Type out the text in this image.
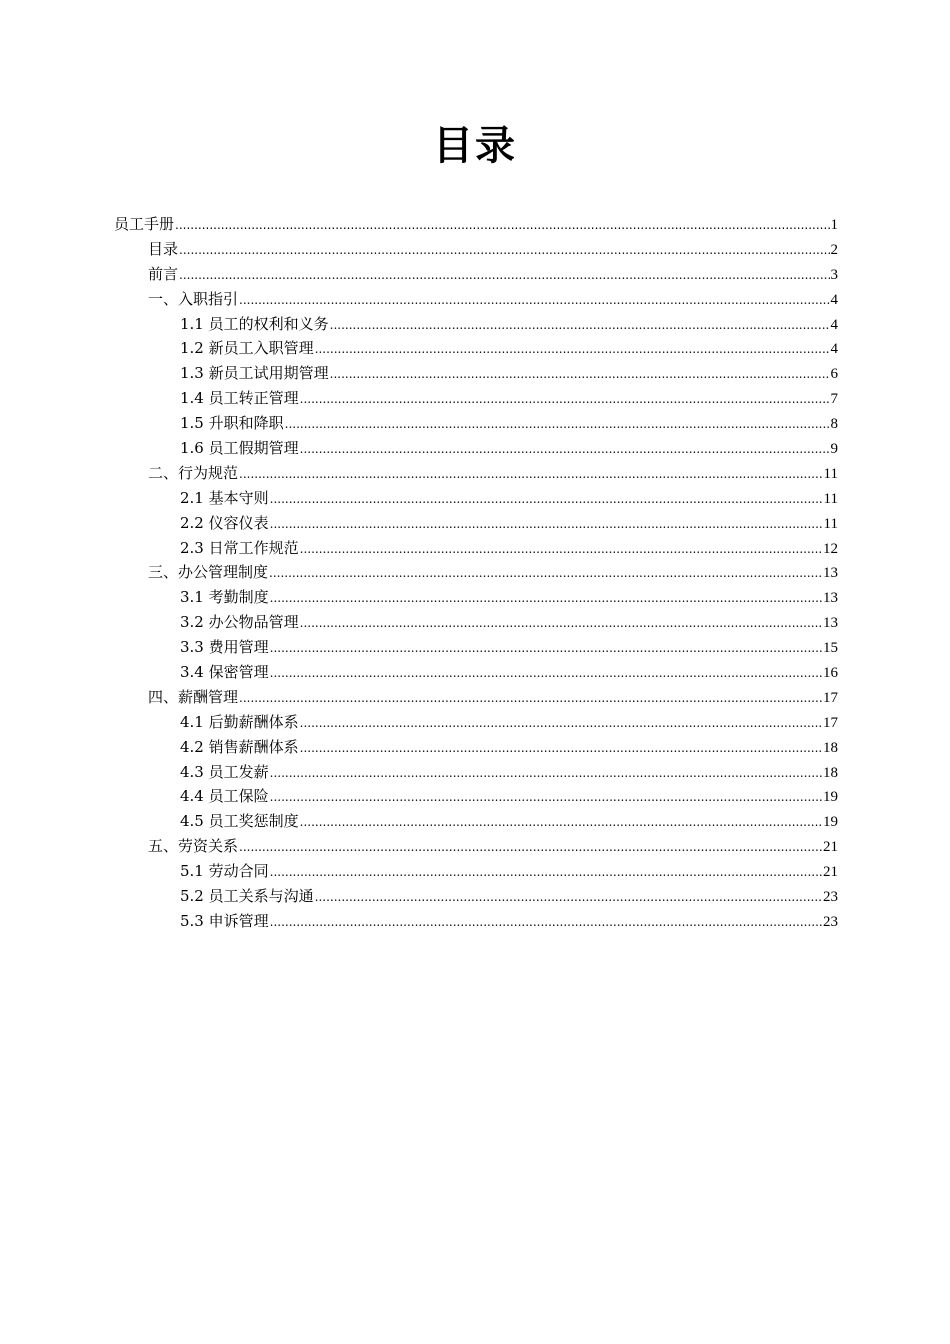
目录
员工手册 .....	1
目录 .....	2
前言 .....	3
一、入职指引 .....	4
1.1 员工的权利和义务 .....	4
1.2 新员工入职管理 .....	4
1.3 新员工试用期管理 .....	6
1.4 员工转正管理 .....	7
1.5 升职和降职 .....	8
1.6 员工假期管理 .....	9
二、行为规范 .....	11
2.1 基本守则 .....	11
2.2 仪容仪表 .....	11
2.3 日常工作规范 .....	12
三、办公管理制度 .....	13
3.1 考勤制度 .....	13
3.2 办公物品管理 .....	13
3.3 费用管理 .....	15
3.4 保密管理 .....	16
四、薪酬管理 .....	17
4.1 后勤薪酬体系 .....	17
4.2 销售薪酬体系 .....	18
4.3 员工发薪 .....	18
4.4 员工保险 .....	19
4.5 员工奖惩制度 .....	19
五、劳资关系 .....	21
5.1 劳动合同 .....	21
5.2 员工关系与沟通 .....	23
5.3 申诉管理 .....	23
